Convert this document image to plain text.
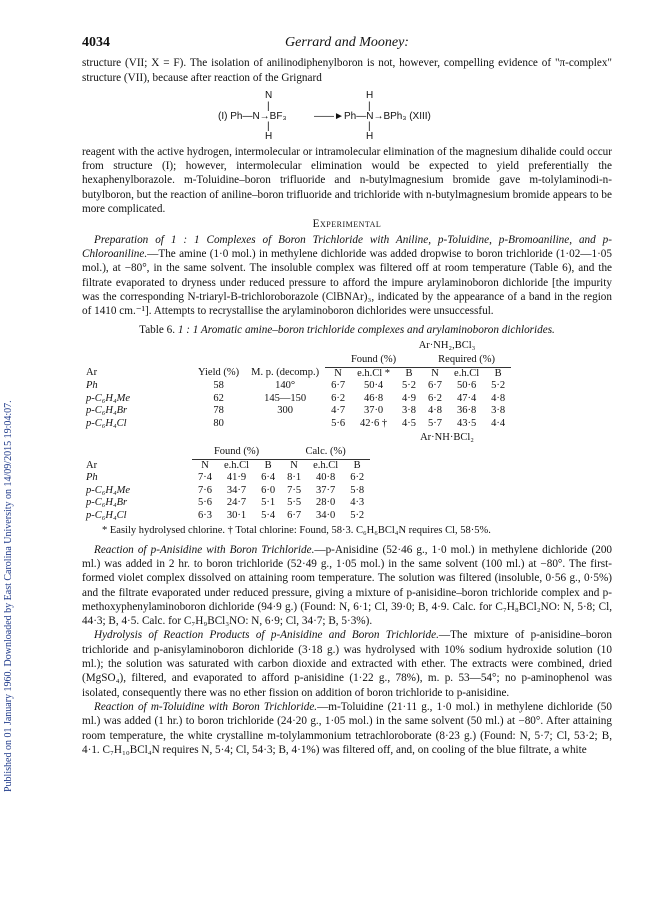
Published on 01 January 1960. Downloaded by East Carolina University on 14/09/2015 19:04:07.
4034	Gerrard and Mooney:

structure (VII; X = F). The isolation of anilinodiphenylboron is not, however, compelling evidence of "π-complex" structure (VII), because after reaction of the Grignard

N	H
|	|
(I) Ph—N→BF₃	——► Ph—N→BPh₃ (XIII)
|	|
H	H

reagent with the active hydrogen, intermolecular or intramolecular elimination of the magnesium dihalide could occur from structure (I); however, intermolecular elimination would be expected to yield preferentially the hexaphenylborazole. m-Toluidine–boron trifluoride and n-butylmagnesium bromide gave m-tolylaminodi-n-butylboron, but the reaction of aniline–boron trifluoride and trichloride with n-butylmagnesium bromide appears to be more complicated.

Experimental

Preparation of 1 : 1 Complexes of Boron Trichloride with Aniline, p-Toluidine, p-Bromoaniline, and p-Chloroaniline.—The amine (1·0 mol.) in methylene dichloride was added dropwise to boron trichloride (1·02—1·05 mol.), at −80°, in the same solvent. The insoluble complex was filtered off at room temperature (Table 6), and the filtrate evaporated to dryness under reduced pressure to afford the impure arylaminoboron dichloride [the impurity was the corresponding N-triaryl-B-trichloroborazole (ClBNAr)₃, indicated by the appearance of a band in the region of 1410 cm.⁻¹]. Attempts to recrystallise the arylaminoboron dichlorides were unsuccessful.

Table 6. 1 : 1 Aromatic amine–boron trichloride complexes and arylaminoboron dichlorides.
Ar·NH₂,BCl₃
			Found (%)			Required (%)		
Ar	Yield (%)	M. p. (decomp.)	N	e.h.Cl *	B	N	e.h.Cl	B
Ph	58	140°	6·7	50·4	5·2	6·7	50·6	5·2
p-C₆H₄Me	62	145—150	6·2	46·8	4·9	6·2	47·4	4·8
p-C₆H₄Br	78	300	4·7	37·0	3·8	4·8	36·8	3·8
p-C₆H₄Cl	80		5·6	42·6 †	4·5	5·7	43·5	4·4
Ar·NH·BCl₂
	Found (%)			Calc. (%)		
Ar	N	e.h.Cl	B	N	e.h.Cl	B
Ph	7·4	41·9	6·4	8·1	40·8	6·2
p-C₆H₄Me	7·6	34·7	6·0	7·5	37·7	5·8
p-C₆H₄Br	5·6	24·7	5·1	5·5	28·0	4·3
p-C₆H₄Cl	6·3	30·1	5·4	6·7	34·0	5·2
* Easily hydrolysed chlorine. † Total chlorine: Found, 58·3. C₆H₆BCl₄N requires Cl, 58·5%.

Reaction of p-Anisidine with Boron Trichloride.—p-Anisidine (52·46 g., 1·0 mol.) in methylene dichloride (200 ml.) was added in 2 hr. to boron trichloride (52·49 g., 1·05 mol.) in the same solvent (100 ml.) at −80°. The first-formed violet complex dissolved on attaining room temperature. The solution was filtered (insoluble, 0·56 g., 0·5%) and the filtrate evaporated under reduced pressure, giving a mixture of p-anisidine–boron trichloride complex and p-methoxyphenylaminoboron dichloride (94·9 g.) (Found: N, 6·1; Cl, 39·0; B, 4·9. Calc. for C₇H₈BCl₂NO: N, 5·8; Cl, 44·3; B, 4·5. Calc. for C₇H₉BCl₃NO: N, 6·9; Cl, 34·7; B, 5·3%).

Hydrolysis of Reaction Products of p-Anisidine and Boron Trichloride.—The mixture of p-anisidine–boron trichloride and p-anisylaminoboron dichloride (3·18 g.) was hydrolysed with 10% sodium hydroxide solution (10 ml.); the solution was saturated with carbon dioxide and extracted with ether. The extracts were combined, dried (MgSO₄), filtered, and evaporated to afford p-anisidine (1·22 g., 78%), m. p. 53—54°; no p-aminophenol was isolated, consequently there was no ether fission on addition of boron trichloride to p-anisidine.

Reaction of m-Toluidine with Boron Trichloride.—m-Toluidine (21·11 g., 1·0 mol.) in methylene dichloride (50 ml.) was added (1 hr.) to boron trichloride (24·20 g., 1·05 mol.) in the same solvent (50 ml.) at −80°. After attaining room temperature, the white crystalline m-tolylammonium tetrachloroborate (8·23 g.) (Found: N, 5·7; Cl, 53·2; B, 4·1. C₇H₁₀BCl₄N requires N, 5·4; Cl, 54·3; B, 4·1%) was filtered off, and, on cooling of the blue filtrate, a white
